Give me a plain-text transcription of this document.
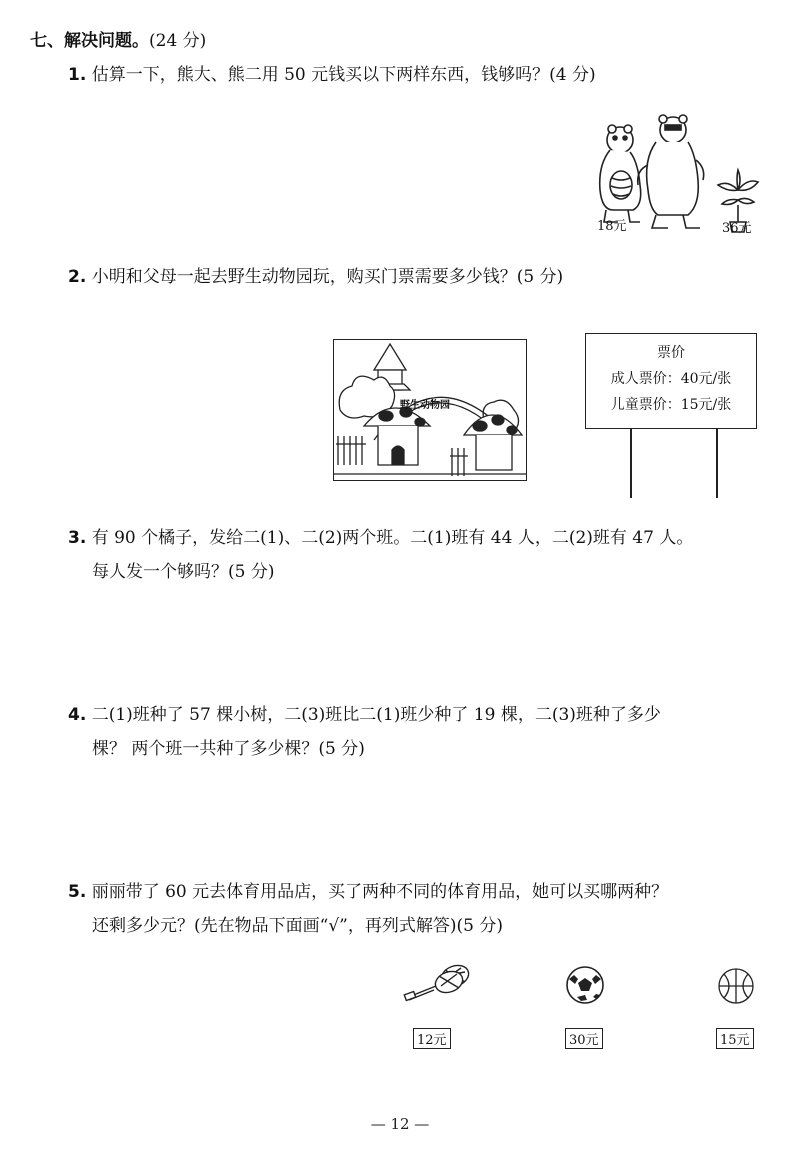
七、解决问题。(24 分)
1. 估算一下，熊大、熊二用 50 元钱买以下两样东西，钱够吗？(4 分)
18元	36元
2. 小明和父母一起去野生动物园玩，购买门票需要多少钱？(5 分)
野生动物园
票价
成人票价：40元/张
儿童票价：15元/张
3. 有 90 个橘子，发给二(1)、二(2)两个班。二(1)班有 44 人，二(2)班有 47 人。
每人发一个够吗？(5 分)
4. 二(1)班种了 57 棵小树，二(3)班比二(1)班少种了 19 棵，二(3)班种了多少
棵？ 两个班一共种了多少棵？(5 分)
5. 丽丽带了 60 元去体育用品店，买了两种不同的体育用品，她可以买哪两种？
还剩多少元？(先在物品下面画“√”，再列式解答)(5 分)
12元	30元	15元
— 12 —
